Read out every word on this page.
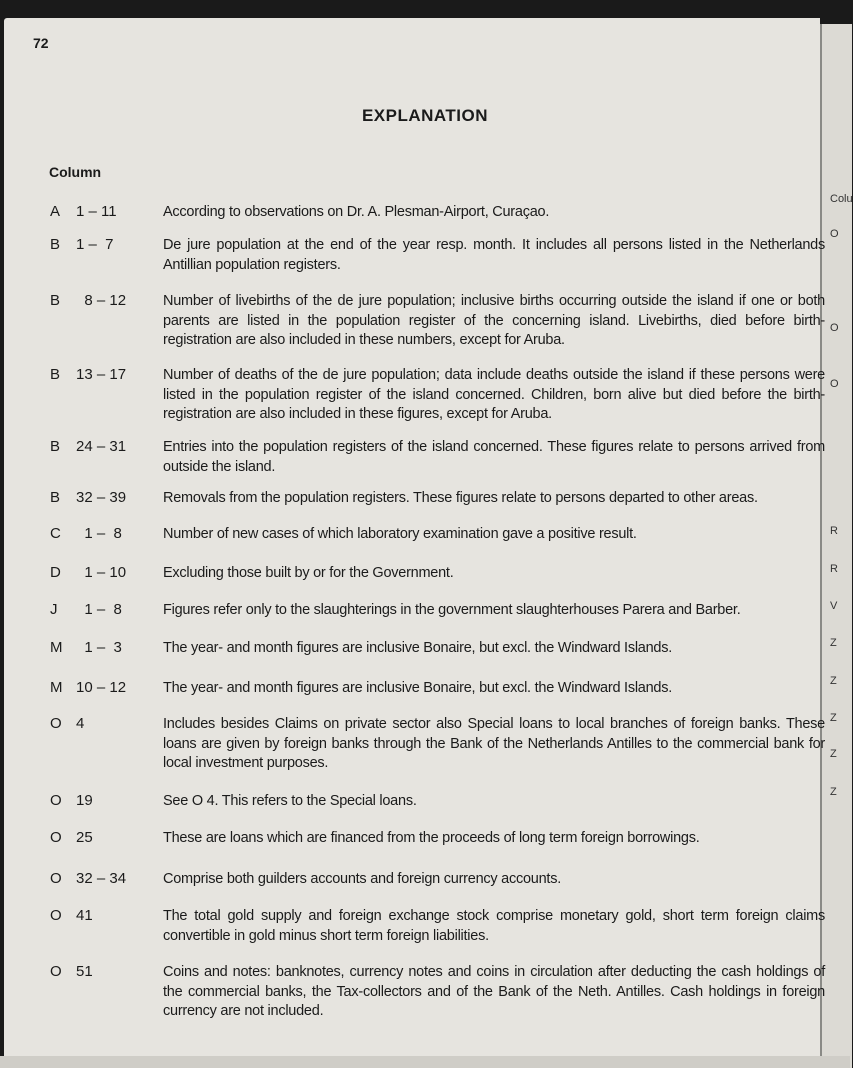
72
EXPLANATION
Column
A 1 – 11	According to observations on Dr. A. Plesman-Airport, Curaçao.
B 1 –  7	De jure population at the end of the year resp. month. It includes all persons listed in the Netherlands Antillian population registers.
B 8 – 12	Number of livebirths of the de jure population; inclusive births occurring outside the island if one or both parents are listed in the population register of the concerning island. Livebirths, died before birth-registration are also included in these numbers, except for Aruba.
B 13 – 17	Number of deaths of the de jure population; data include deaths outside the island if these persons were listed in the population register of the island concerned. Children, born alive but died before the birth-registration are also included in these figures, except for Aruba.
B 24 – 31	Entries into the population registers of the island concerned. These figures relate to persons arrived from outside the island.
B 32 – 39	Removals from the population registers. These figures relate to persons departed to other areas.
C 1 –  8	Number of new cases of which laboratory examination gave a positive result.
D 1 – 10	Excluding those built by or for the Government.
J 1 –  8	Figures refer only to the slaughterings in the government slaughterhouses Parera and Barber.
M 1 –  3	The year- and month figures are inclusive Bonaire, but excl. the Windward Islands.
M 10 – 12	The year- and month figures are inclusive Bonaire, but excl. the Windward Islands.
O 4	Includes besides Claims on private sector also Special loans to local branches of foreign banks. These loans are given by foreign banks through the Bank of the Netherlands Antilles to the commercial bank for local investment purposes.
O 19	See O 4. This refers to the Special loans.
O 25	These are loans which are financed from the proceeds of long term foreign borrowings.
O 32 – 34	Comprise both guilders accounts and foreign currency accounts.
O 41	The total gold supply and foreign exchange stock comprise monetary gold, short term foreign claims convertible in gold minus short term foreign liabilities.
O 51	Coins and notes: banknotes, currency notes and coins in circulation after deducting the cash holdings of the commercial banks, the Tax-collectors and of the Bank of the Neth. Antilles. Cash holdings in foreign currency are not included.
Colu
O
O
O
R
R
V
Z
Z
Z
Z
Z
